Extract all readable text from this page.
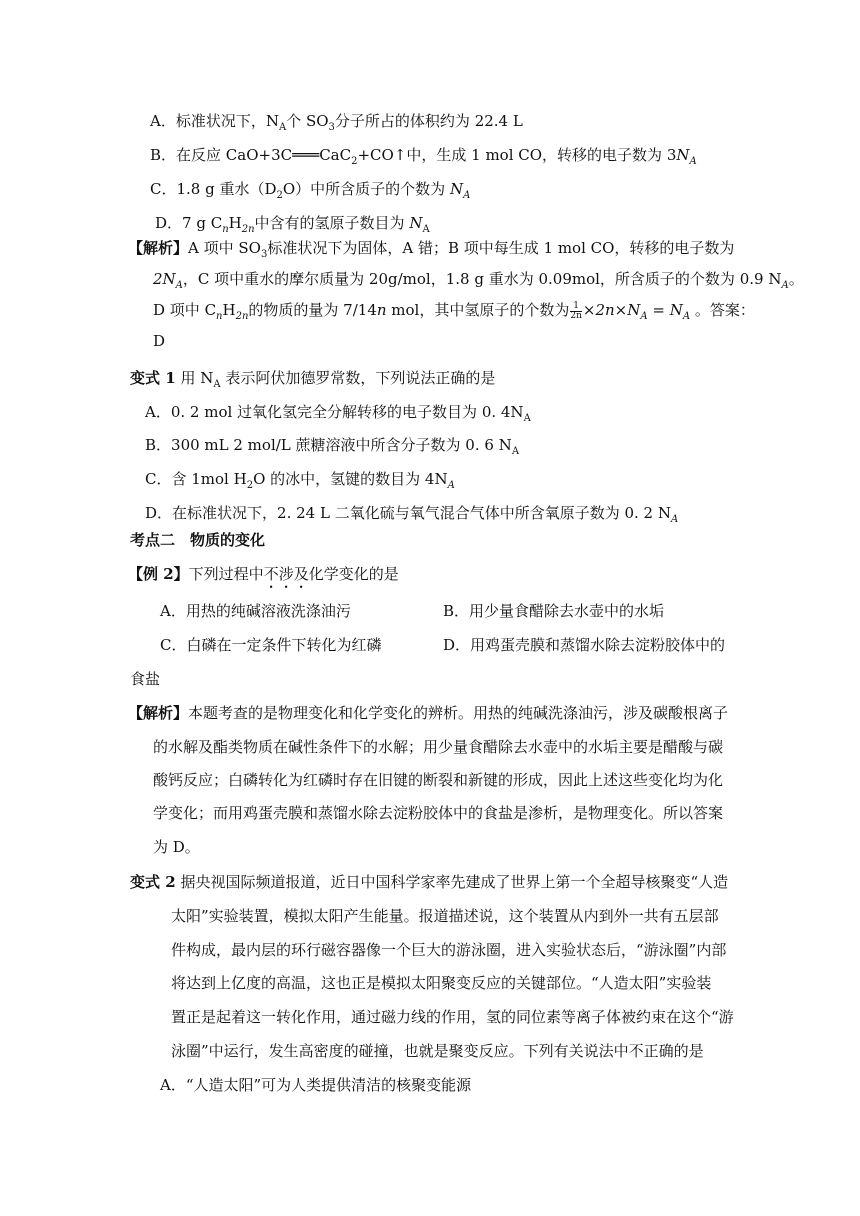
A．标准状况下，$N_A$个 $SO_3$分子所占的体积约为 22.4 L
B．在反应 CaO+3C═══CaC$_2$+CO↑中，生成 1 mol CO，转移的电子数为 $3N_A$
C．1.8 g 重水$(D_2O)$中所含质子的个数为 $N_A$
D．7 g $C_nH_{2n}$中含有的氢原子数目为 $N_A$
【解析】A 项中 $SO_3$标准状况下为固体，A 错；B 项中每生成 1 mol CO，转移的电子数为
$2N_A$，C 项中重水的摩尔质量为 20g/mol，1.8 g 重水为 0.09mol，所含质子的个数为 0.9 $N_A$。
D 项中 $C_nH_{2n}$的物质的量为 7/14n mol，其中氢原子的个数为 $\frac{1}{2n} \times 2n\times N_A = N_A$ 。答案：
D
变式 1 用 $N_A$ 表示阿伏加德罗常数，下列说法正确的是
A．0. 2 mol 过氧化氢完全分解转移的电子数目为 0. $4N_A$
B．300 mL 2 mol/L 蔗糖溶液中所含分子数为 0. 6 $N_A$
C．含 1mol $H_2O$ 的冰中，氢键的数目为 $4N_A$
D．在标准状况下，2. 24 L 二氧化硫与氧气混合气体中所含氧原子数为 0. 2 $N_A$
考点二　物质的变化
【例 2】下列过程中不涉及化学变化的是
A．用热的纯碱溶液洗涤油污	B．用少量食醋除去水壶中的水垢
C．白磷在一定条件下转化为红磷	D．用鸡蛋壳膜和蒸馏水除去淀粉胶体中的
食盐
【解析】本题考查的是物理变化和化学变化的辨析。用热的纯碱洗涤油污，涉及碳酸根离子
的水解及酯类物质在碱性条件下的水解；用少量食醋除去水壶中的水垢主要是醋酸与碳
酸钙反应；白磷转化为红磷时存在旧键的断裂和新键的形成，因此上述这些变化均为化
学变化；而用鸡蛋壳膜和蒸馏水除去淀粉胶体中的食盐是渗析，是物理变化。所以答案
为 D。
变式 2 据央视国际频道报道，近日中国科学家率先建成了世界上第一个全超导核聚变“人造
太阳”实验装置，模拟太阳产生能量。报道描述说，这个装置从内到外一共有五层部
件构成，最内层的环行磁容器像一个巨大的游泳圈，进入实验状态后，“游泳圈”内部
将达到上亿度的高温，这也正是模拟太阳聚变反应的关键部位。“人造太阳”实验装
置正是起着这一转化作用，通过磁力线的作用，氢的同位素等离子体被约束在这个“游
泳圈”中运行，发生高密度的碰撞，也就是聚变反应。下列有关说法中不正确的是
A．“人造太阳”可为人类提供清洁的核聚变能源
